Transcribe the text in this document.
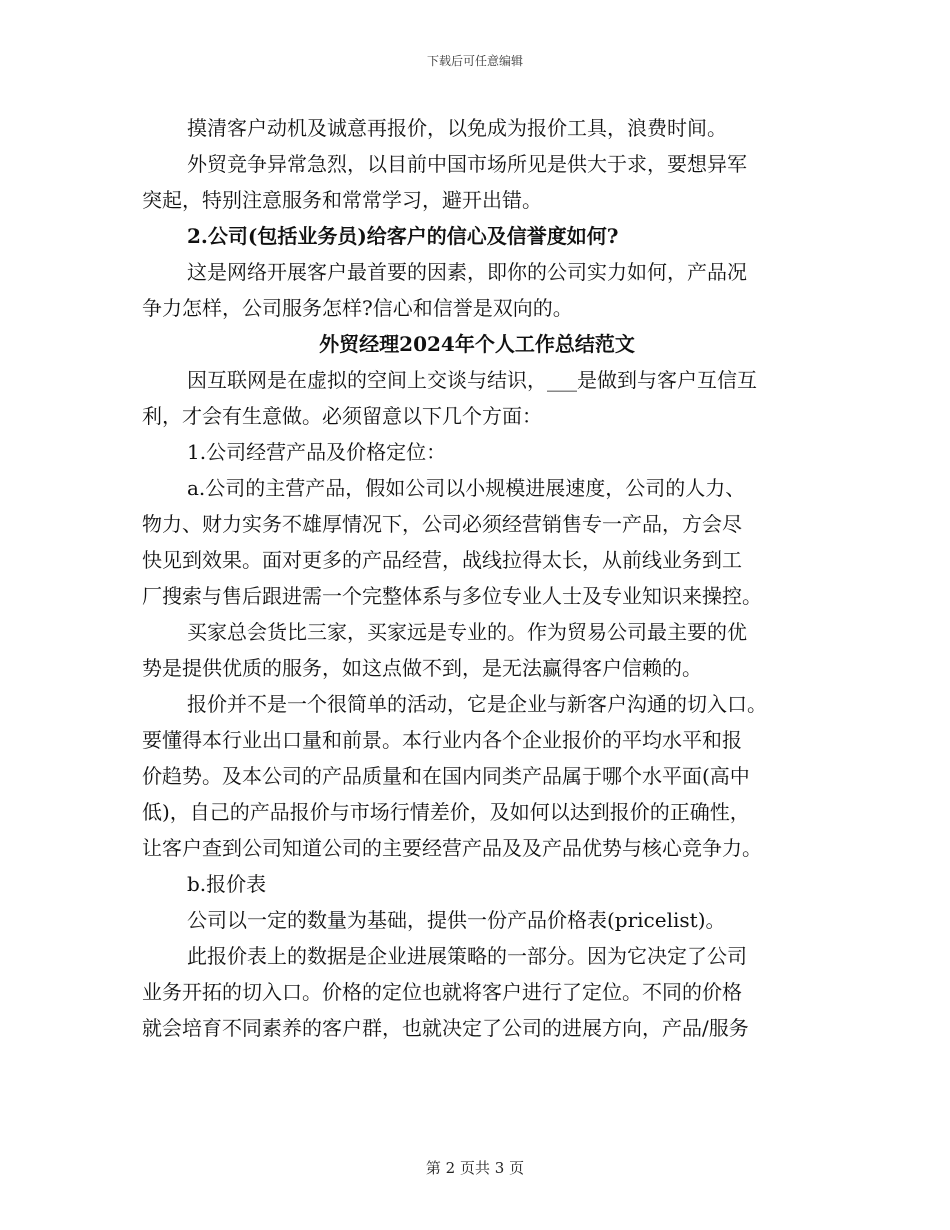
下载后可任意编辑
摸清客户动机及诚意再报价，以免成为报价工具，浪费时间。
外贸竞争异常急烈，以目前中国市场所见是供大于求，要想异军
突起，特别注意服务和常常学习，避开出错。
2.公司(包括业务员)给客户的信心及信誉度如何?
这是网络开展客户最首要的因素，即你的公司实力如何，产品况
争力怎样，公司服务怎样?信心和信誉是双向的。
外贸经理2024年个人工作总结范文
因互联网是在虚拟的空间上交谈与结识，___是做到与客户互信互
利，才会有生意做。必须留意以下几个方面：
1.公司经营产品及价格定位：
a.公司的主营产品，假如公司以小规模进展速度，公司的人力、
物力、财力实务不雄厚情况下，公司必须经营销售专一产品，方会尽
快见到效果。面对更多的产品经营，战线拉得太长，从前线业务到工
厂搜索与售后跟进需一个完整体系与多位专业人士及专业知识来操控。
买家总会货比三家，买家远是专业的。作为贸易公司最主要的优
势是提供优质的服务，如这点做不到，是无法赢得客户信赖的。
报价并不是一个很简单的活动，它是企业与新客户沟通的切入口。
要懂得本行业出口量和前景。本行业内各个企业报价的平均水平和报
价趋势。及本公司的产品质量和在国内同类产品属于哪个水平面(高中
低)，自己的产品报价与市场行情差价，及如何以达到报价的正确性，
让客户查到公司知道公司的主要经营产品及及产品优势与核心竞争力。
b.报价表
公司以一定的数量为基础，提供一份产品价格表(pricelist)。
此报价表上的数据是企业进展策略的一部分。因为它决定了公司
业务开拓的切入口。价格的定位也就将客户进行了定位。不同的价格
就会培育不同素养的客户群，也就决定了公司的进展方向，产品/服务
第 2 页共 3 页
